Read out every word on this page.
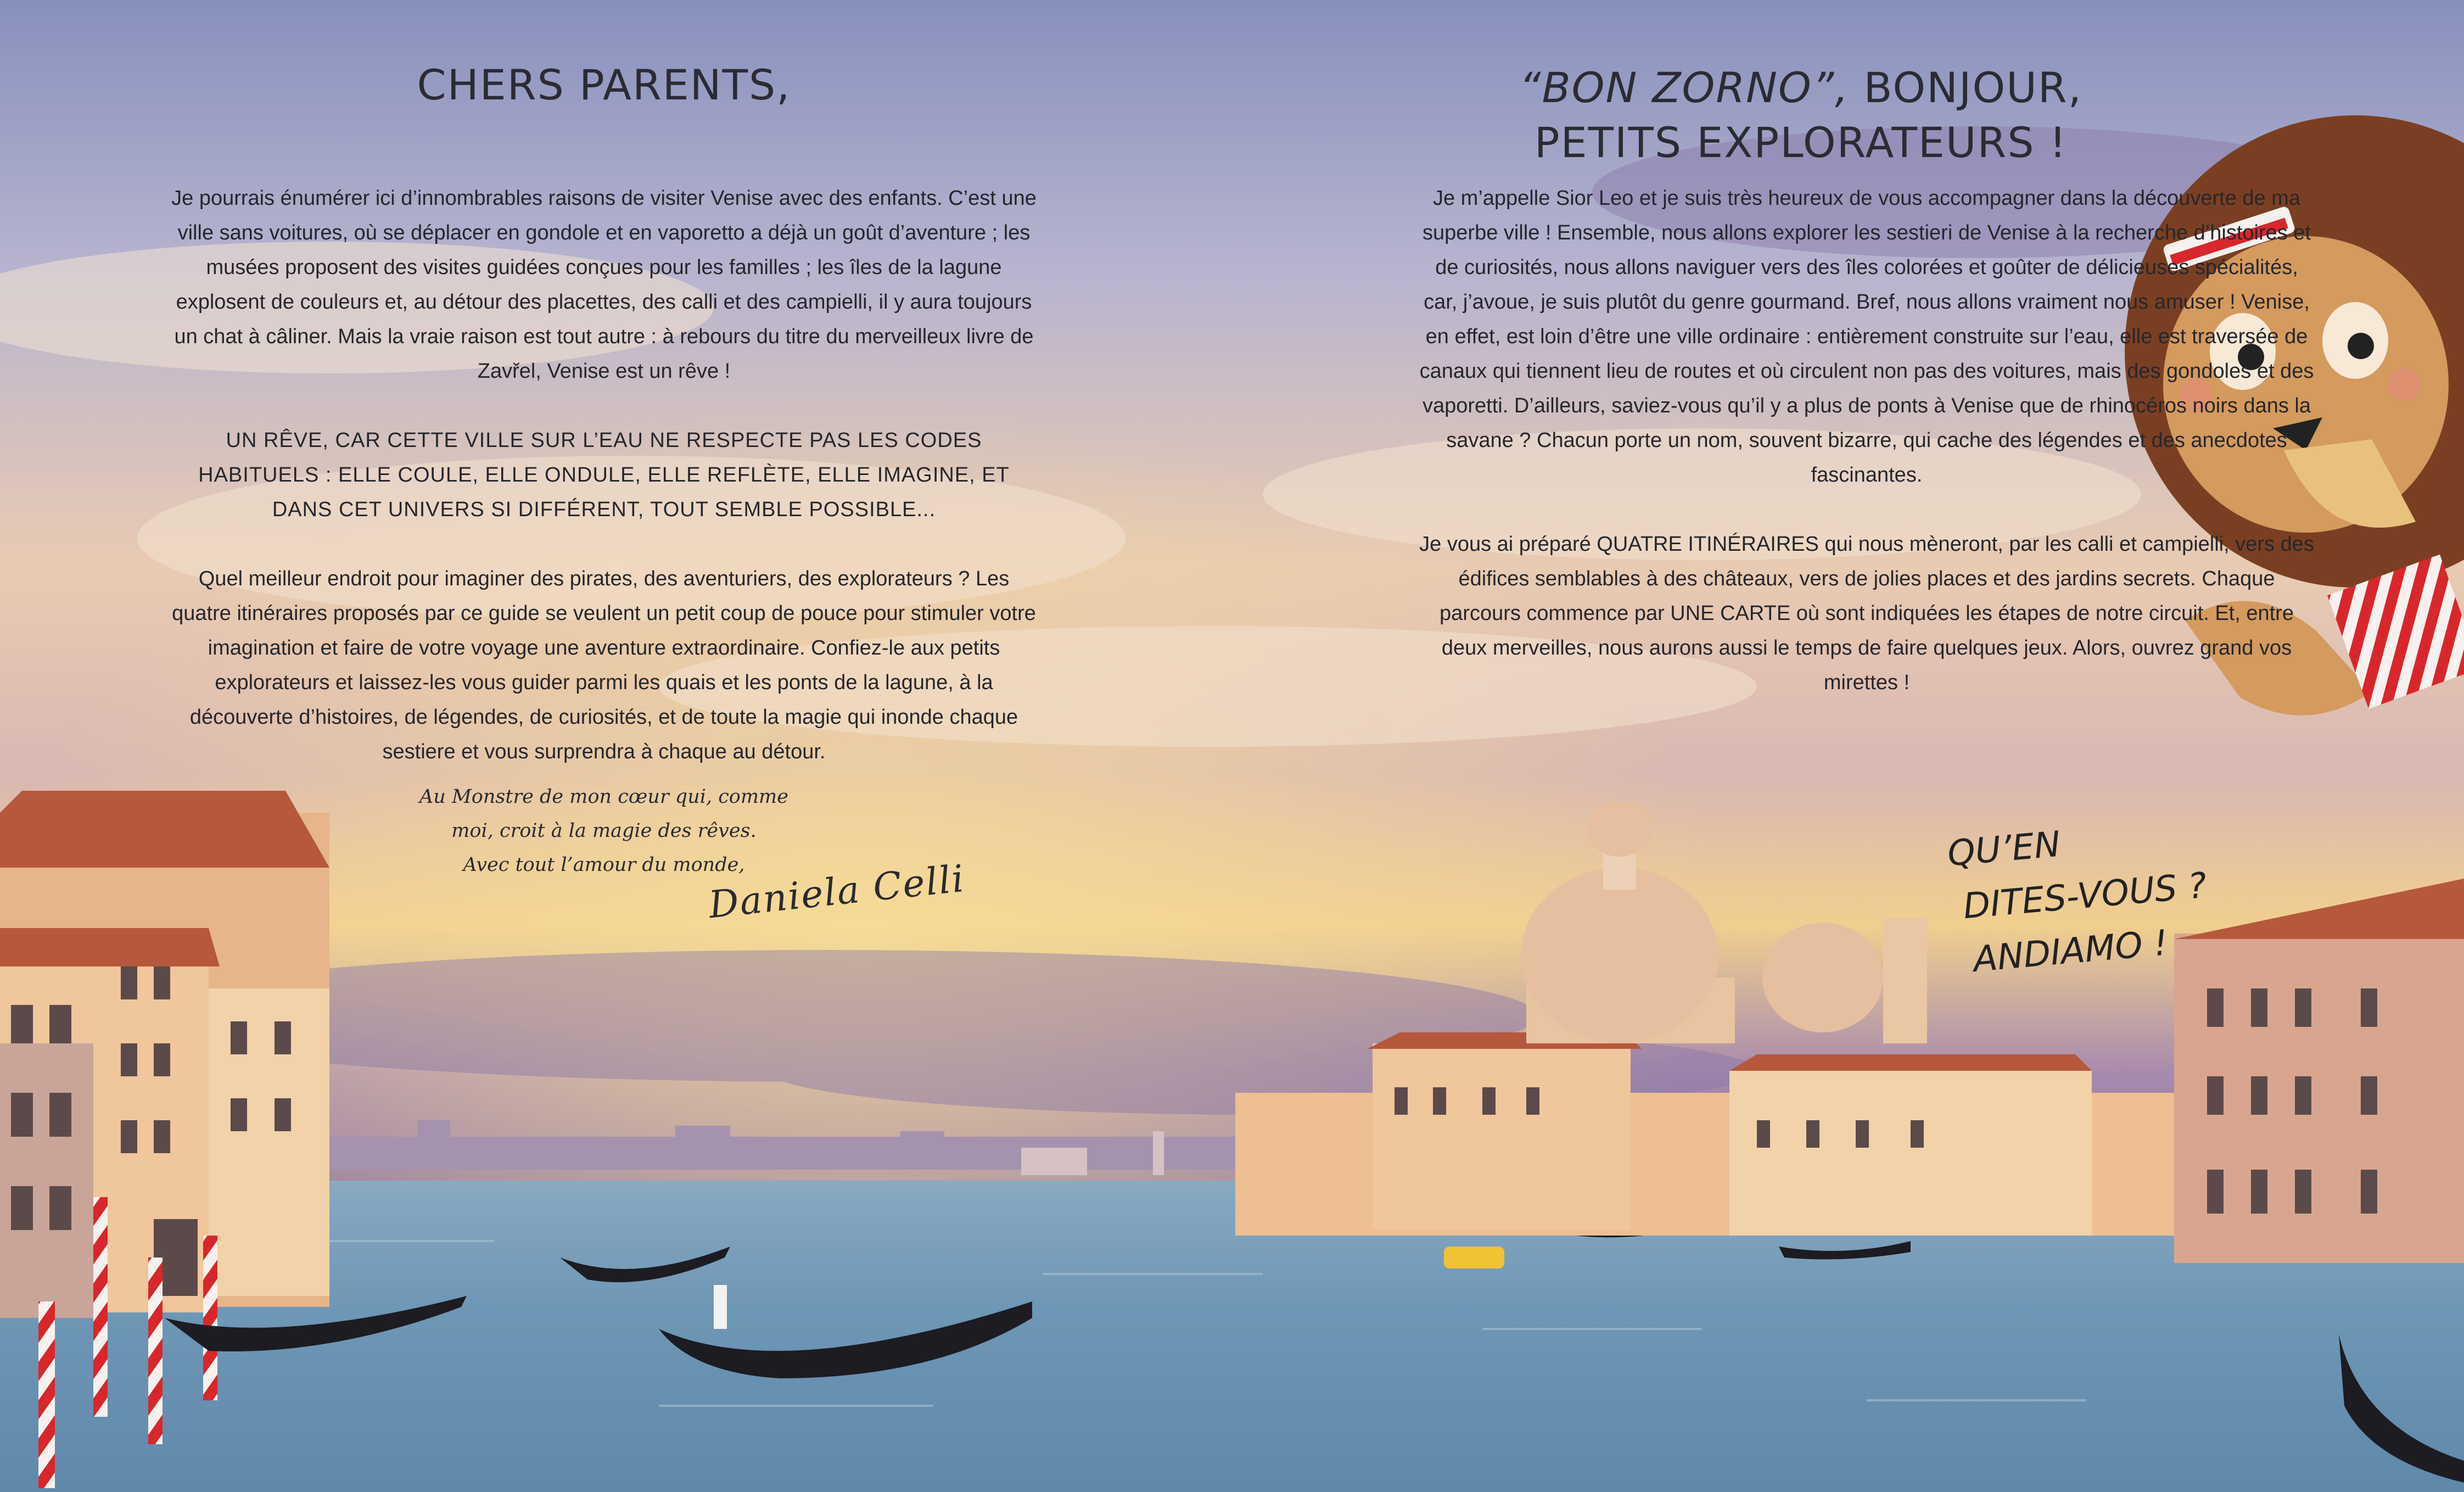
CHERS PARENTS,

Je pourrais énumérer ici d’innombrables raisons de visiter Venise avec des enfants. C’est une ville sans voitures, où se déplacer en gondole et en vaporetto a déjà un goût d’aventure ; les musées proposent des visites guidées conçues pour les familles ; les îles de la lagune explosent de couleurs et, au détour des placettes, des calli et des campielli, il y aura toujours un chat à câliner. Mais la vraie raison est tout autre : à rebours du titre du merveilleux livre de Zavřel, Venise est un rêve !

UN RÊVE, CAR CETTE VILLE SUR L’EAU NE RESPECTE PAS LES CODES HABITUELS : ELLE COULE, ELLE ONDULE, ELLE REFLÈTE, ELLE IMAGINE, ET DANS CET UNIVERS SI DIFFÉRENT, TOUT SEMBLE POSSIBLE...

Quel meilleur endroit pour imaginer des pirates, des aventuriers, des explorateurs ? Les quatre itinéraires proposés par ce guide se veulent un petit coup de pouce pour stimuler votre imagination et faire de votre voyage une aventure extraordinaire. Confiez-le aux petits explorateurs et laissez-les vous guider parmi les quais et les ponts de la lagune, à la découverte d’histoires, de légendes, de curiosités, et de toute la magie qui inonde chaque sestiere et vous surprendra à chaque au détour.

Au Monstre de mon cœur qui, comme
moi, croit à la magie des rêves.
Avec tout l’amour du monde,
Daniela Celli
“BON ZORNO”, BONJOUR,
PETITS EXPLORATEURS !

Je m’appelle Sior Leo et je suis très heureux de vous accompagner dans la découverte de ma superbe ville ! Ensemble, nous allons explorer les sestieri de Venise à la recherche d’histoires et de curiosités, nous allons naviguer vers des îles colorées et goûter de délicieuses spécialités, car, j’avoue, je suis plutôt du genre gourmand. Bref, nous allons vraiment nous amuser ! Venise, en effet, est loin d’être une ville ordinaire : entièrement construite sur l’eau, elle est traversée de canaux qui tiennent lieu de routes et où circulent non pas des voitures, mais des gondoles et des vaporetti. D’ailleurs, saviez-vous qu’il y a plus de ponts à Venise que de rhinocéros noirs dans la savane ? Chacun porte un nom, souvent bizarre, qui cache des légendes et des anecdotes fascinantes.

Je vous ai préparé QUATRE ITINÉRAIRES qui nous mèneront, par les calli et campielli, vers des édifices semblables à des châteaux, vers de jolies places et des jardins secrets. Chaque parcours commence par UNE CARTE où sont indiquées les étapes de notre circuit. Et, entre deux merveilles, nous aurons aussi le temps de faire quelques jeux. Alors, ouvrez grand vos mirettes !

QU’EN
DITES-VOUS ?
ANDIAMO !
